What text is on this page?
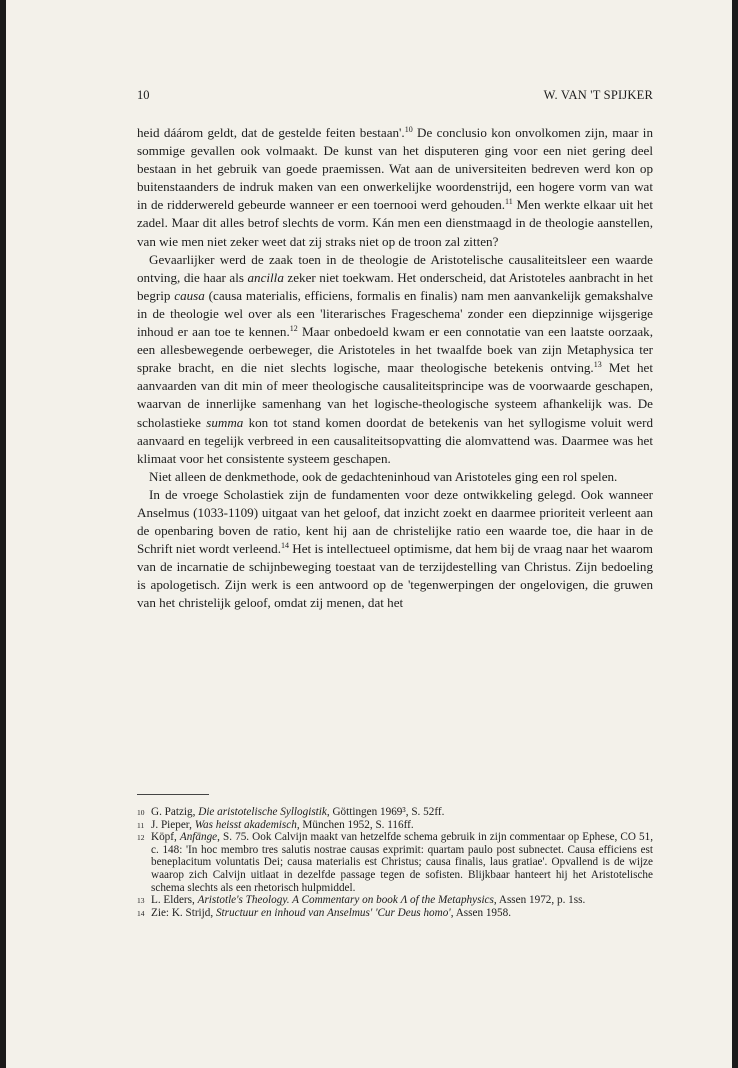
10	W. VAN 'T SPIJKER

heid dáárom geldt, dat de gestelde feiten bestaan'.$^{10}$ De conclusio kon onvolkomen zijn, maar in sommige gevallen ook volmaakt. De kunst van het disputeren ging voor een niet gering deel bestaan in het gebruik van goede praemissen. Wat aan de universiteiten bedreven werd kon op buitenstaanders de indruk maken van een onwerkelijke woordenstrijd, een hogere vorm van wat in de ridderwereld gebeurde wanneer er een toernooi werd gehouden.$^{11}$ Men werkte elkaar uit het zadel. Maar dit alles betrof slechts de vorm. Kán men een dienstmaagd in de theologie aanstellen, van wie men niet zeker weet dat zij straks niet op de troon zal zitten?

Gevaarlijker werd de zaak toen in de theologie de Aristotelische causaliteitsleer een waarde ontving, die haar als ancilla zeker niet toekwam. Het onderscheid, dat Aristoteles aanbracht in het begrip causa (causa materialis, efficiens, formalis en finalis) nam men aanvankelijk gemakshalve in de theologie wel over als een 'literarisches Frageschema' zonder een diepzinnige wijsgerige inhoud er aan toe te kennen.$^{12}$ Maar onbedoeld kwam er een connotatie van een laatste oorzaak, een allesbewegende oerbeweger, die Aristoteles in het twaalfde boek van zijn Metaphysica ter sprake bracht, en die niet slechts logische, maar theologische betekenis ontving.$^{13}$ Met het aanvaarden van dit min of meer theologische causaliteitsprincipe was de voorwaarde geschapen, waarvan de innerlijke samenhang van het logische-theologische systeem afhankelijk was. De scholastieke summa kon tot stand komen doordat de betekenis van het syllogisme voluit werd aanvaard en tegelijk verbreed in een causaliteitsopvatting die alomvattend was. Daarmee was het klimaat voor het consistente systeem geschapen.

Niet alleen de denkmethode, ook de gedachteninhoud van Aristoteles ging een rol spelen.

In de vroege Scholastiek zijn de fundamenten voor deze ontwikkeling gelegd. Ook wanneer Anselmus (1033-1109) uitgaat van het geloof, dat inzicht zoekt en daarmee prioriteit verleent aan de openbaring boven de ratio, kent hij aan de christelijke ratio een waarde toe, die haar in de Schrift niet wordt verleend.$^{14}$ Het is intellectueel optimisme, dat hem bij de vraag naar het waarom van de incarnatie de schijnbeweging toestaat van de terzijdestelling van Christus. Zijn bedoeling is apologetisch. Zijn werk is een antwoord op de 'tegenwerpingen der ongelovigen, die gruwen van het christelijk geloof, omdat zij menen, dat het

10 G. Patzig, Die aristotelische Syllogistik, Göttingen 1969³, S. 52ff.
11 J. Pieper, Was heisst akademisch, München 1952, S. 116ff.
12 Köpf, Anfänge, S. 75. Ook Calvijn maakt van hetzelfde schema gebruik in zijn commentaar op Ephese, CO 51, c. 148: 'In hoc membro tres salutis nostrae causas exprimit: quartam paulo post subnectet. Causa efficiens est beneplacitum voluntatis Dei; causa materialis est Christus; causa finalis, laus gratiae'. Opvallend is de wijze waarop zich Calvijn uitlaat in dezelfde passage tegen de sofisten. Blijkbaar hanteert hij het Aristotelische schema slechts als een rhetorisch hulpmiddel.
13 L. Elders, Aristotle's Theology. A Commentary on book Λ of the Metaphysics, Assen 1972, p. 1ss.
14 Zie: K. Strijd, Structuur en inhoud van Anselmus' 'Cur Deus homo', Assen 1958.
